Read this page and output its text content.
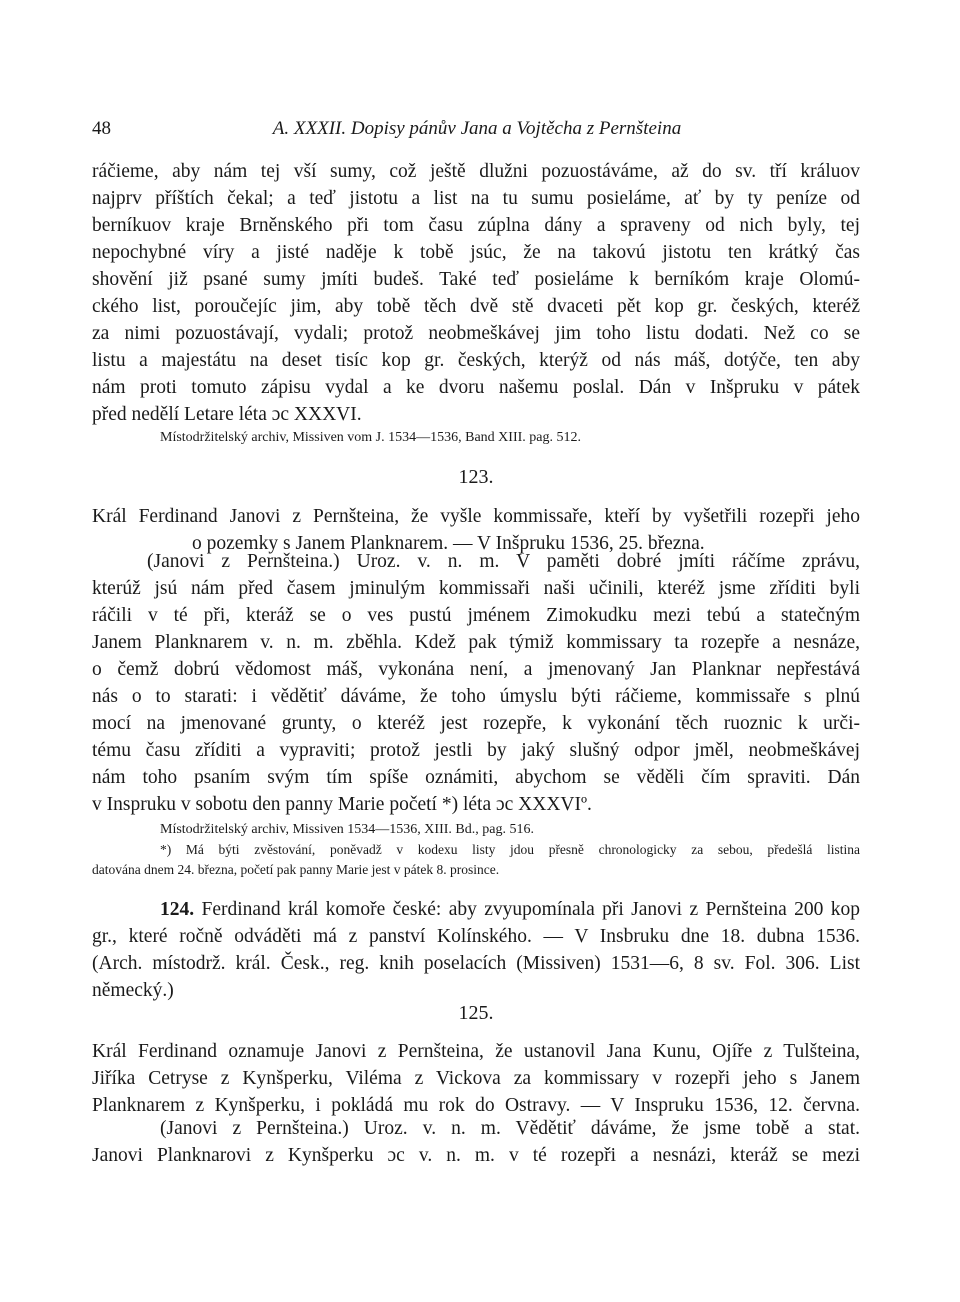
48	A. XXXII. Dopisy pánův Jana a Vojtěcha z Pernšteina
ráčieme, aby nám tej vší sumy, což ještě dlužni pozuostáváme, až do sv. tří králuov
najprv příštích čekal; a teď jistotu a list na tu sumu posieláme, ať by ty peníze od
berníkuov kraje Brněnského při tom času zúplna dány a spraveny od nich byly, tej
nepochybné víry a jisté naděje k tobě jsúc, že na takovú jistotu ten krátký čas
shovění již psané sumy jmíti budeš. Také teď posieláme k berníkóm kraje Olomú-
ckého list, poroučejíc jim, aby tobě těch dvě stě dvaceti pět kop gr. českých, kteréž
za nimi pozuostávají, vydali; protož neobmeškávej jim toho listu dodati. Než co se
listu a majestátu na deset tisíc kop gr. českých, kterýž od nás máš, dotýče, ten aby
nám proti tomuto zápisu vydal a ke dvoru našemu poslal. Dán v Inšpruku v pátek
před nedělí Letare léta ɔc XXXVI.
Místodržitelský archiv, Missiven vom J. 1534—1536, Band XIII. pag. 512.
123.
Král Ferdinand Janovi z Pernšteina, že vyšle kommissaře, kteří by vyšetřili rozepři jeho
o pozemky s Janem Planknarem. — V Inšpruku 1536, 25. března.
(Janovi z Pernšteina.) Uroz. v. n. m. V paměti dobré jmíti ráčíme zprávu,
kterúž jsú nám před časem jminulým kommissaři naši učinili, kteréž jsme zříditi byli
ráčili v té při, kteráž se o ves pustú jménem Zimokudku mezi tebú a statečným
Janem Planknarem v. n. m. zběhla. Kdež pak týmiž kommissary ta rozepře a nesnáze,
o čemž dobrú vědomost máš, vykonána není, a jmenovaný Jan Planknar nepřestává
nás o to starati: i vědětiť dáváme, že toho úmyslu býti ráčieme, kommissaře s plnú
mocí na jmenované grunty, o kteréž jest rozepře, k vykonání těch ruoznic k urči-
tému času zříditi a vypraviti; protož jestli by jaký slušný odpor jměl, neobmeškávej
nám toho psaním svým tím spíše oznámiti, abychom se věděli čím spraviti. Dán
v Inspruku v sobotu den panny Marie početí *) léta ɔc XXXVIº.
Místodržitelský archiv, Missiven 1534—1536, XIII. Bd., pag. 516.
*) Má býti zvěstování, poněvadž v kodexu listy jdou přesně chronologicky za sebou, předešlá listina
datována dnem 24. března, početí pak panny Marie jest v pátek 8. prosince.
124. Ferdinand král komoře české: aby zvyupomínala při Janovi z Pernšteina 200 kop
gr., které ročně odváděti má z panství Kolínského. — V Insbruku dne 18. dubna 1536.
(Arch. místodrž. král. Česk., reg. knih poselacích (Missiven) 1531—6, 8 sv. Fol. 306. List
německý.)
125.
Král Ferdinand oznamuje Janovi z Pernšteina, že ustanovil Jana Kunu, Ojíře z Tulšteina,
Jiříka Cetryse z Kynšperku, Viléma z Vickova za kommissary v rozepři jeho s Janem
Planknarem z Kynšperku, i pokládá mu rok do Ostravy. — V Inspruku 1536, 12. června.
(Janovi z Pernšteina.) Uroz. v. n. m. Vědětiť dáváme, že jsme tobě a stat.
Janovi Planknarovi z Kynšperku ɔc v. n. m. v té rozepři a nesnázi, kteráž se mezi
